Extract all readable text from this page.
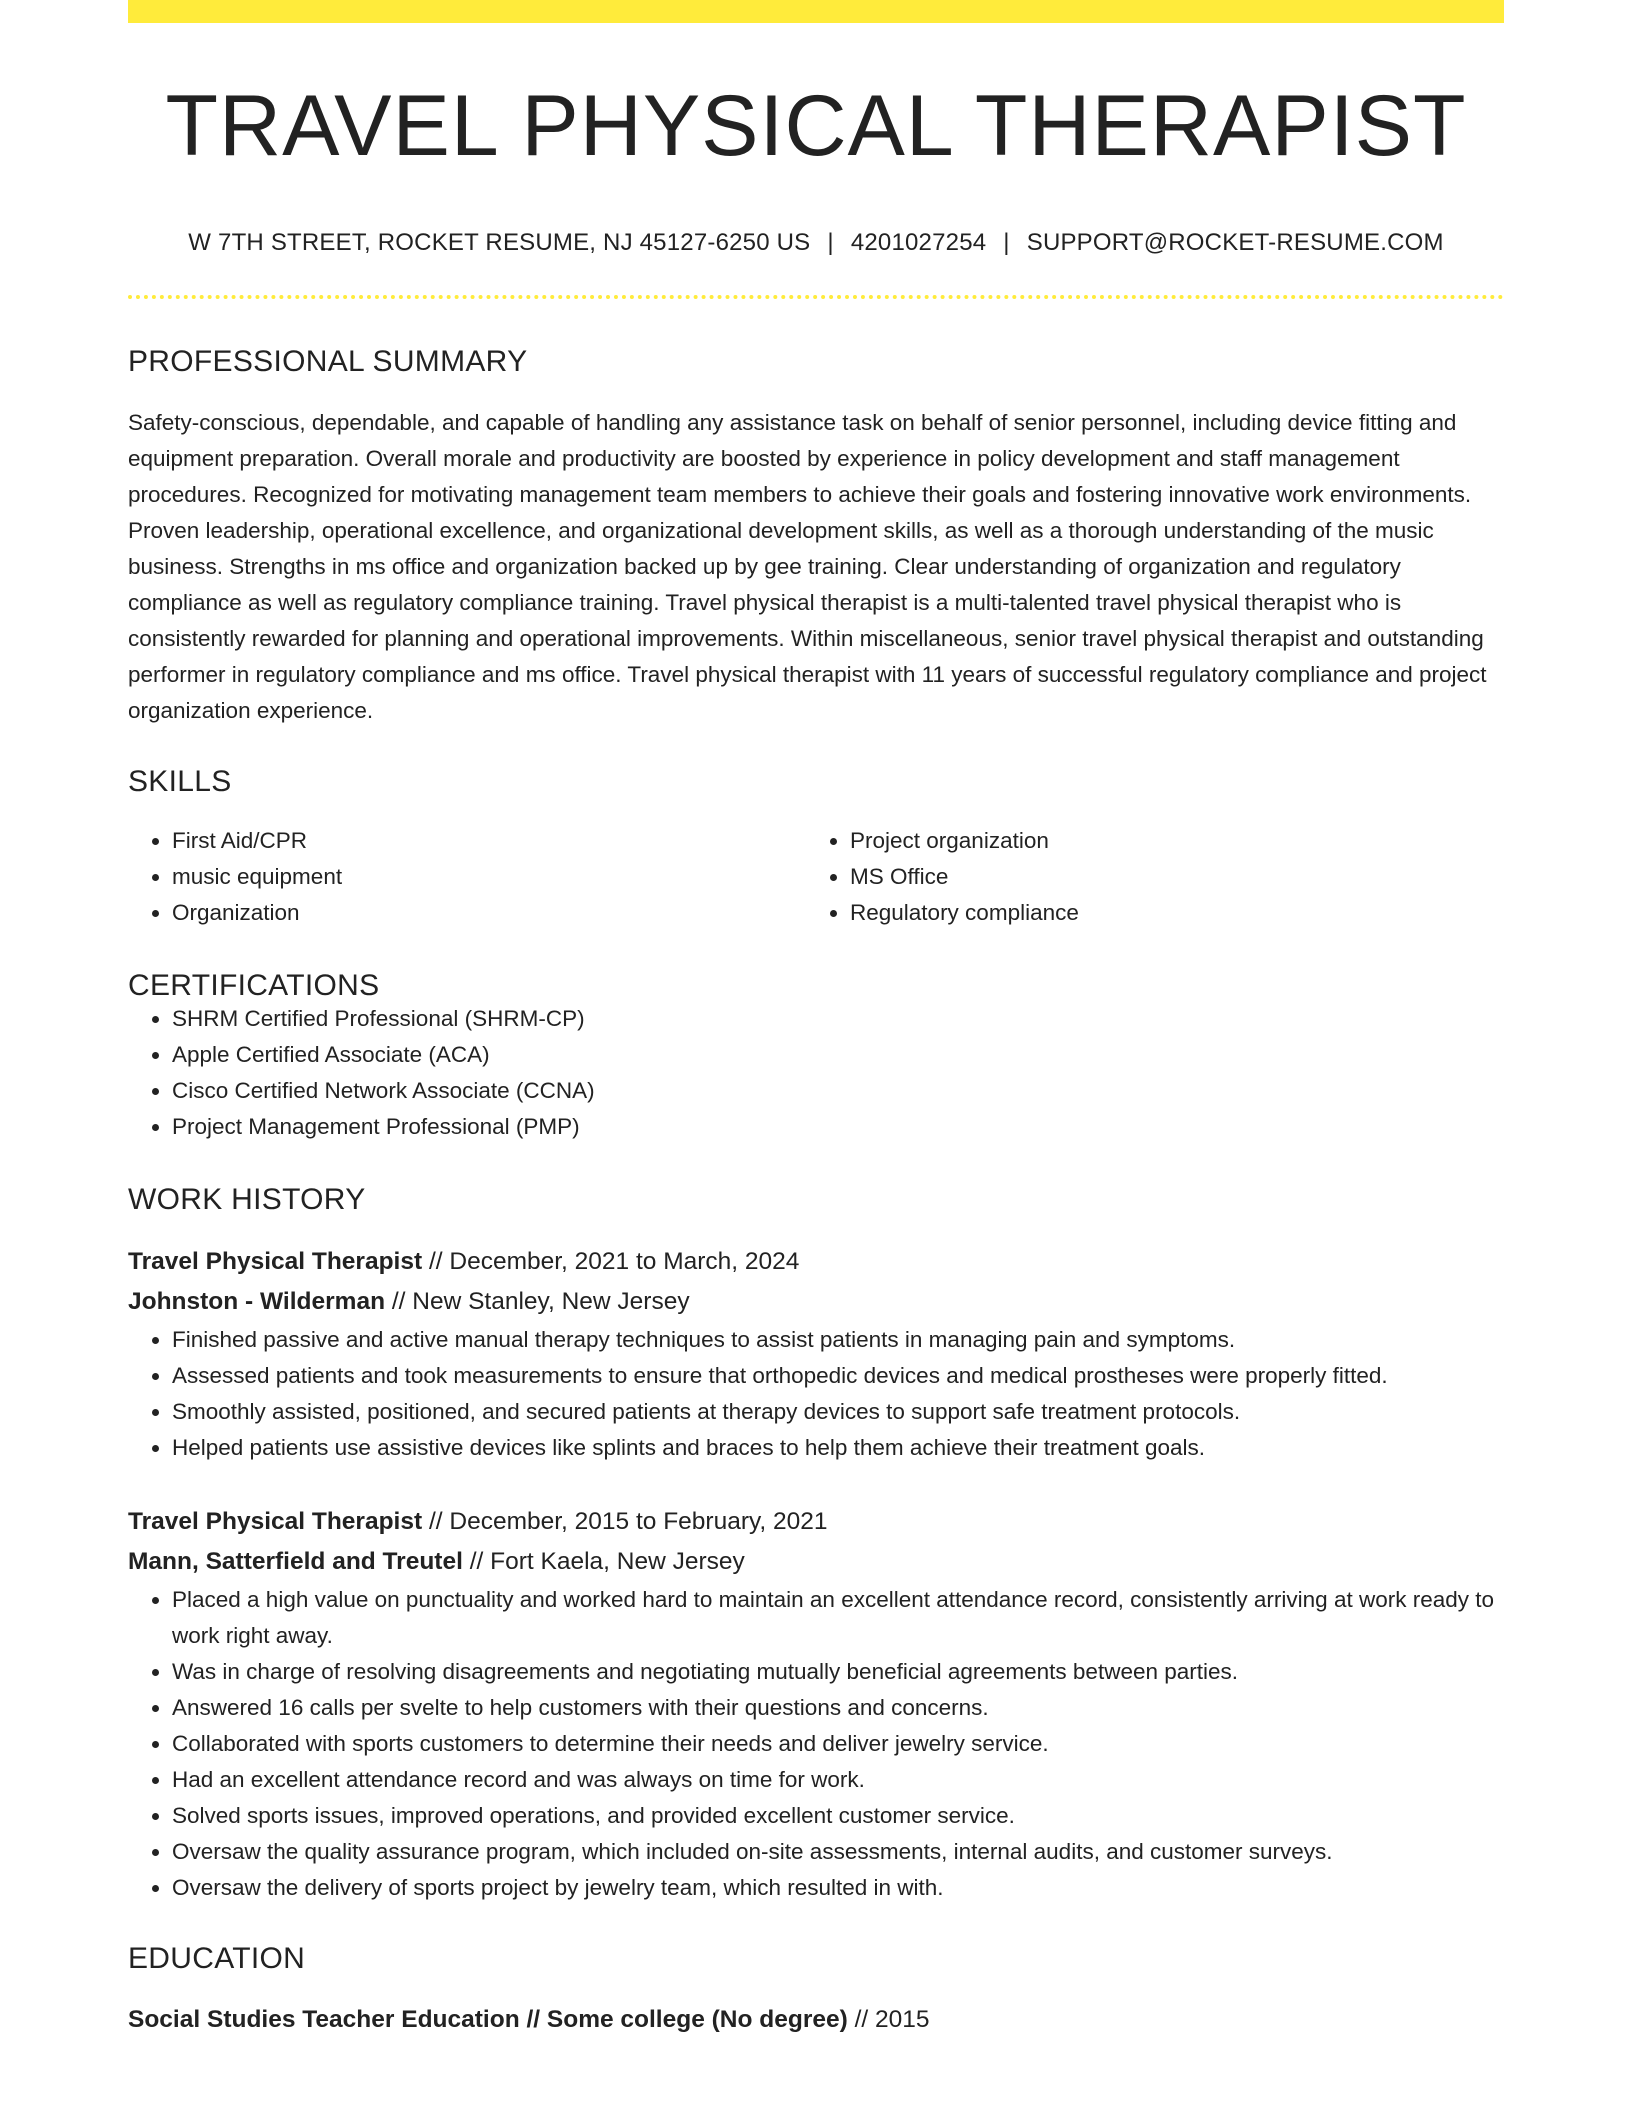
TRAVEL PHYSICAL THERAPIST
W 7TH STREET, ROCKET RESUME, NJ 45127-6250 US | 4201027254 | SUPPORT@ROCKET-RESUME.COM
PROFESSIONAL SUMMARY

Safety-conscious, dependable, and capable of handling any assistance task on behalf of senior personnel, including device fitting and equipment preparation. Overall morale and productivity are boosted by experience in policy development and staff management procedures. Recognized for motivating management team members to achieve their goals and fostering innovative work environments. Proven leadership, operational excellence, and organizational development skills, as well as a thorough understanding of the music business. Strengths in ms office and organization backed up by gee training. Clear understanding of organization and regulatory compliance as well as regulatory compliance training. Travel physical therapist is a multi-talented travel physical therapist who is consistently rewarded for planning and operational improvements. Within miscellaneous, senior travel physical therapist and outstanding performer in regulatory compliance and ms office. Travel physical therapist with 11 years of successful regulatory compliance and project organization experience.

SKILLS
• First Aid/CPR
• music equipment
• Organization
• Project organization
• MS Office
• Regulatory compliance
CERTIFICATIONS
• SHRM Certified Professional (SHRM-CP)
• Apple Certified Associate (ACA)
• Cisco Certified Network Associate (CCNA)
• Project Management Professional (PMP)
WORK HISTORY
Travel Physical Therapist // December, 2021 to March, 2024
Johnston - Wilderman // New Stanley, New Jersey
• Finished passive and active manual therapy techniques to assist patients in managing pain and symptoms.
• Assessed patients and took measurements to ensure that orthopedic devices and medical prostheses were properly fitted.
• Smoothly assisted, positioned, and secured patients at therapy devices to support safe treatment protocols.
• Helped patients use assistive devices like splints and braces to help them achieve their treatment goals.
Travel Physical Therapist // December, 2015 to February, 2021
Mann, Satterfield and Treutel // Fort Kaela, New Jersey
• Placed a high value on punctuality and worked hard to maintain an excellent attendance record, consistently arriving at work ready to work right away.
• Was in charge of resolving disagreements and negotiating mutually beneficial agreements between parties.
• Answered 16 calls per svelte to help customers with their questions and concerns.
• Collaborated with sports customers to determine their needs and deliver jewelry service.
• Had an excellent attendance record and was always on time for work.
• Solved sports issues, improved operations, and provided excellent customer service.
• Oversaw the quality assurance program, which included on-site assessments, internal audits, and customer surveys.
• Oversaw the delivery of sports project by jewelry team, which resulted in with.
EDUCATION
Social Studies Teacher Education // Some college (No degree) // 2015
